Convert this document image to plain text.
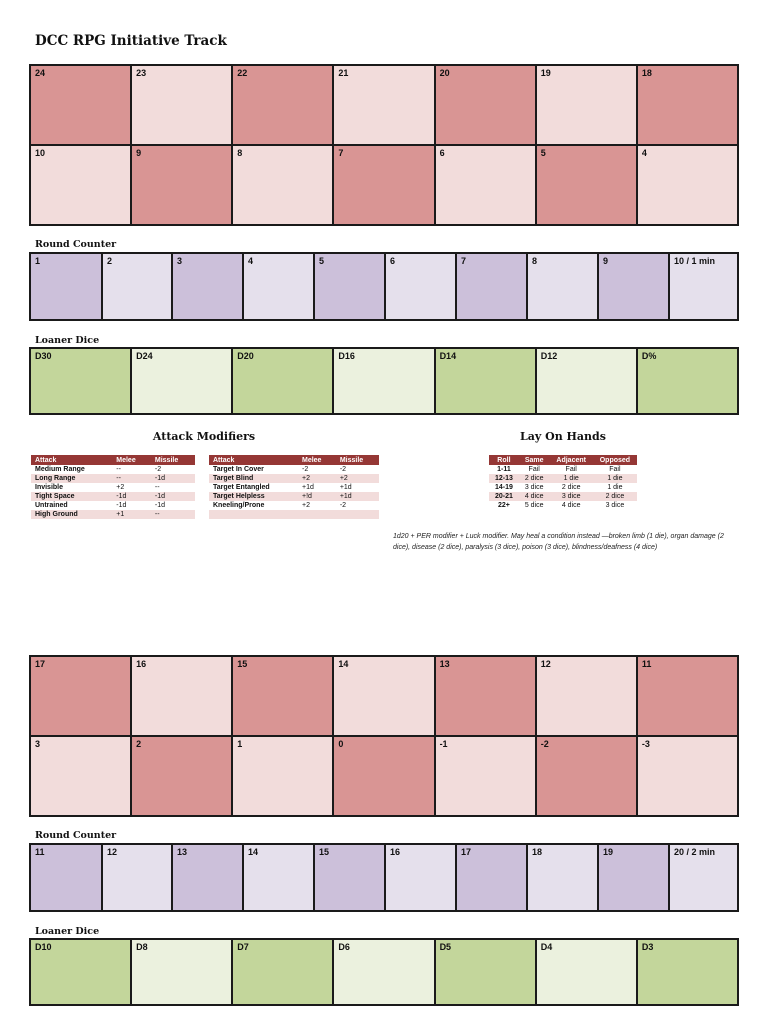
DCC RPG Initiative Track
24	23	22	21	20	19	18
10	9	8	7	6	5	4
Round Counter
1	2	3	4	5	6	7	8	9	10 / 1 min
Loaner Dice
D30	D24	D20	D16	D14	D12	D%
Attack Modifiers
Attack	Melee	Missile
Medium Range	--	-2
Long Range	--	-1d
Invisible	+2	--
Tight Space	-1d	-1d
Untrained	-1d	-1d
High Ground	+1	--
Attack	Melee	Missile
Target In Cover	-2	-2
Target Blind	+2	+2
Target Entangled	+1d	+1d
Target Helpless	+!d	+1d
Kneeling/Prone	+2	-2

Lay On Hands
Roll	Same	Adjacent	Opposed
1-11	Fail	Fail	Fail
12-13	2 dice	1 die	1 die
14-19	3 dice	2 dice	1 die
20-21	4 dice	3 dice	2 dice
22+	5 dice	4 dice	3 dice
1d20 + PER modifier + Luck modifier. May heal a condition instead —broken limb (1 die), organ damage (2 dice), disease (2 dice), paralysis (3 dice), poison (3 dice), blindness/deafness (4 dice)
17	16	15	14	13	12	11
3	2	1	0	-1	-2	-3
Round Counter
11	12	13	14	15	16	17	18	19	20 / 2 min
Loaner Dice
D10	D8	D7	D6	D5	D4	D3
